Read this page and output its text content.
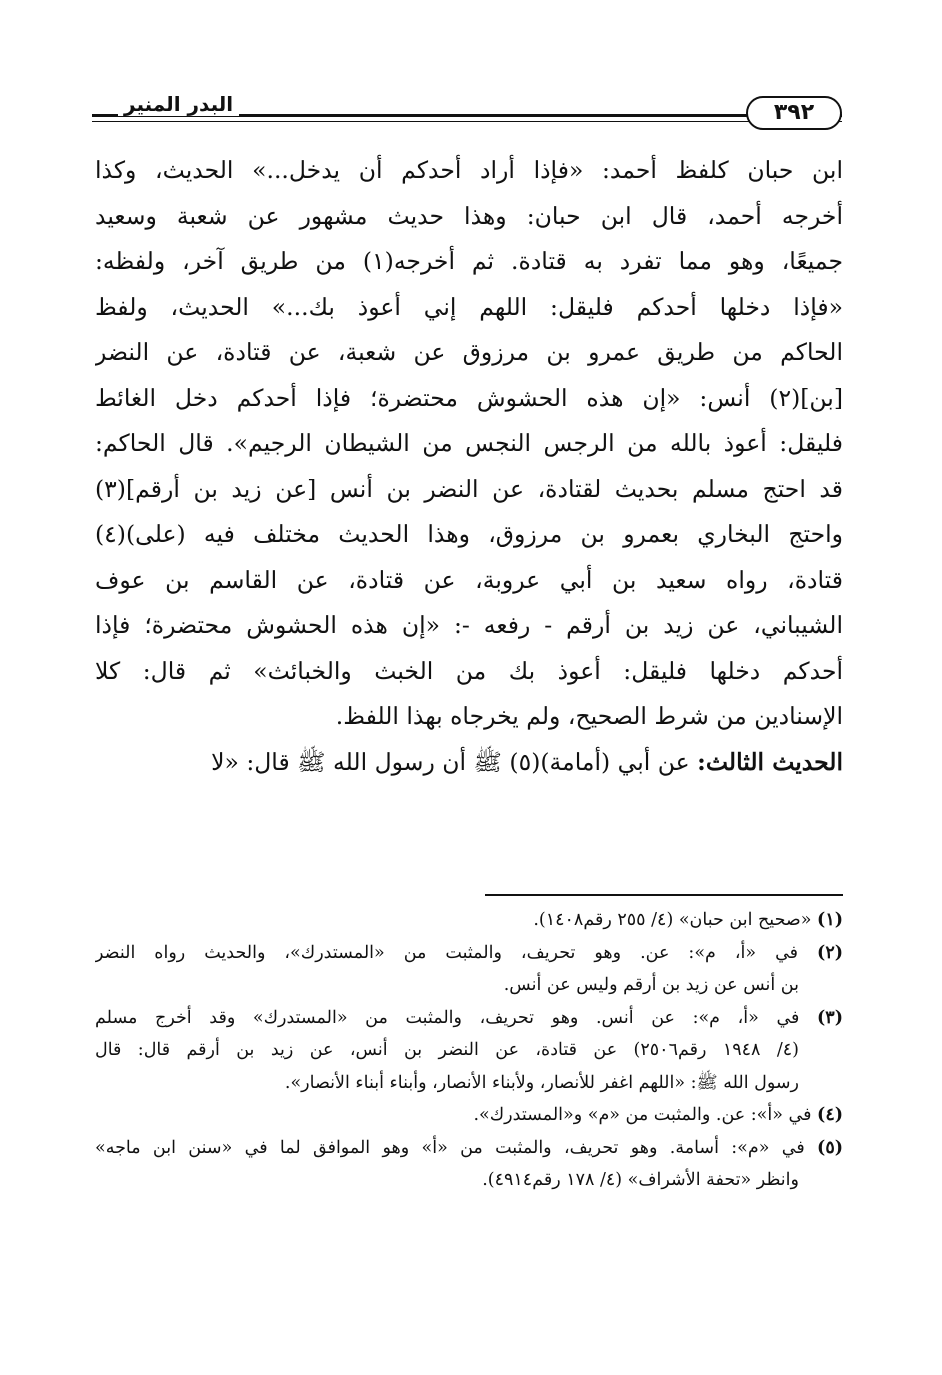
البدر المنير	٣٩٢
ابن حبان كلفظ أحمد: «فإذا أراد أحدكم أن يدخل...» الحديث، وكذا
أخرجه أحمد، قال ابن حبان: وهذا حديث مشهور عن شعبة وسعيد
جميعًا، وهو مما تفرد به قتادة. ثم أخرجه(١) من طريق آخر، ولفظه:
«فإذا دخلها أحدكم فليقل: اللهم إني أعوذ بك...» الحديث، ولفظ
الحاكم من طريق عمرو بن مرزوق عن شعبة، عن قتادة، عن النضر
[بن](٢) أنس: «إن هذه الحشوش محتضرة؛ فإذا أحدكم دخل الغائط
فليقل: أعوذ بالله من الرجس النجس من الشيطان الرجيم». قال الحاكم:
قد احتج مسلم بحديث لقتادة، عن النضر بن أنس [عن زيد بن أرقم](٣)
واحتج البخاري بعمرو بن مرزوق، وهذا الحديث مختلف فيه (على)(٤)
قتادة، رواه سعيد بن أبي عروبة، عن قتادة، عن القاسم بن عوف
الشيباني، عن زيد بن أرقم - رفعه -: «إن هذه الحشوش محتضرة؛ فإذا
أحدكم دخلها فليقل: أعوذ بك من الخبث والخبائث» ثم قال: كلا
الإسنادين من شرط الصحيح، ولم يخرجاه بهذا اللفظ.
الحديث الثالث: عن أبي (أمامة)(٥) ﷺ أن رسول الله ﷺ قال: «لا
(١) «صحيح ابن حبان» (٤/ ٢٥٥ رقم١٤٠٨).
(٢) في «أ، م»: عن. وهو تحريف، والمثبت من «المستدرك»، والحديث رواه النضر
بن أنس عن زيد بن أرقم وليس عن أنس.
(٣) في «أ، م»: عن أنس. وهو تحريف، والمثبت من «المستدرك» وقد أخرج مسلم
(٤/ ١٩٤٨ رقم٢٥٠٦) عن قتادة، عن النضر بن أنس، عن زيد بن أرقم قال: قال
رسول الله ﷺ: «اللهم اغفر للأنصار، ولأبناء الأنصار، وأبناء أبناء الأنصار».
(٤) في «أ»: عن. والمثبت من «م» و«المستدرك».
(٥) في «م»: أسامة. وهو تحريف، والمثبت من «أ» وهو الموافق لما في «سنن ابن ماجه»
وانظر «تحفة الأشراف» (٤/ ١٧٨ رقم٤٩١٤).
